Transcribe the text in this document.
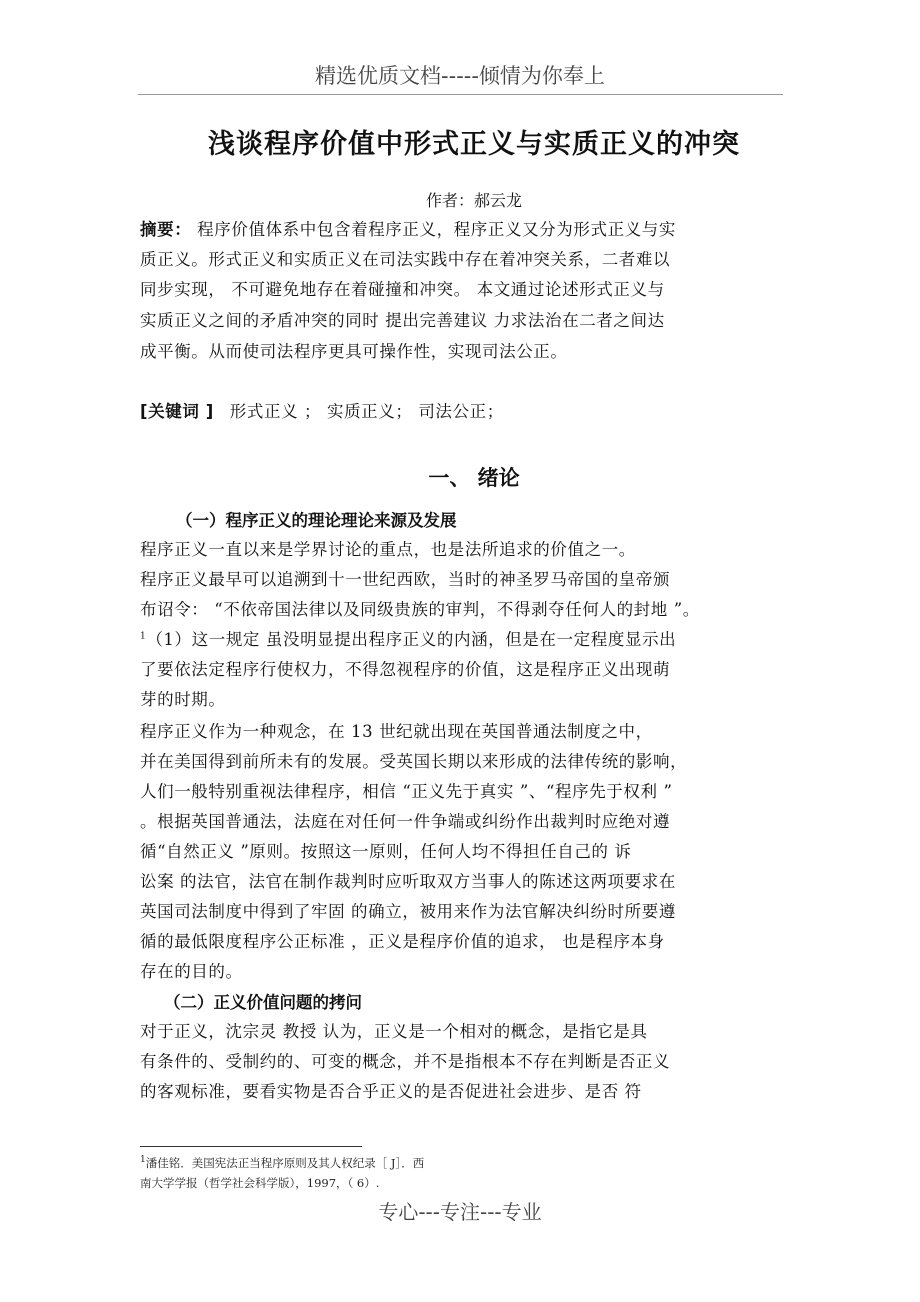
精选优质文档-----倾情为你奉上
浅谈程序价值中形式正义与实质正义的冲突
作者：郝云龙
摘要： 程序价值体系中包含着程序正义，程序正义又分为形式正义与实
质正义。形式正义和实质正义在司法实践中存在着冲突关系，二者难以
同步实现， 不可避免地存在着碰撞和冲突。 本文通过论述形式正义与
实质正义之间的矛盾冲突的同时 提出完善建议 力求法治在二者之间达
成平衡。从而使司法程序更具可操作性，实现司法公正。
[关键词 ] 形式正义 ； 实质正义； 司法公正；
一、 绪论
（一）程序正义的理论理论来源及发展
程序正义一直以来是学界讨论的重点，也是法所追求的价值之一。
程序正义最早可以追溯到十一世纪西欧，当时的神圣罗马帝国的皇帝颁
布诏令： “不依帝国法律以及同级贵族的审判，不得剥夺任何人的封地 ”。
$^1$（1）这一规定 虽没明显提出程序正义的内涵，但是在一定程度显示出
了要依法定程序行使权力，不得忽视程序的价值，这是程序正义出现萌
芽的时期。
程序正义作为一种观念，在 13 世纪就出现在英国普通法制度之中，
并在美国得到前所未有的发展。受英国长期以来形成的法律传统的影响，
人们一般特别重视法律程序，相信 “正义先于真实 ”、“程序先于权利 ”
。根据英国普通法，法庭在对任何一件争端或纠纷作出裁判时应绝对遵
循“自然正义 ”原则。按照这一原则，任何人均不得担任自己的 诉
讼案 的法官，法官在制作裁判时应听取双方当事人的陈述这两项要求在
英国司法制度中得到了牢固 的确立，被用来作为法官解决纠纷时所要遵
循的最低限度程序公正标准 ，正义是程序价值的追求， 也是程序本身
存在的目的。
（二）正义价值问题的拷问
对于正义，沈宗灵 教授 认为，正义是一个相对的概念，是指它是具
有条件的、受制约的、可变的概念，并不是指根本不存在判断是否正义
的客观标准，要看实物是否合乎正义的是否促进社会进步、是否 符
$^1$潘佳铭．美国宪法正当程序原则及其人权纪录［ J］．西
南大学学报（哲学社会科学版），1997，（ 6）.
专心---专注---专业
